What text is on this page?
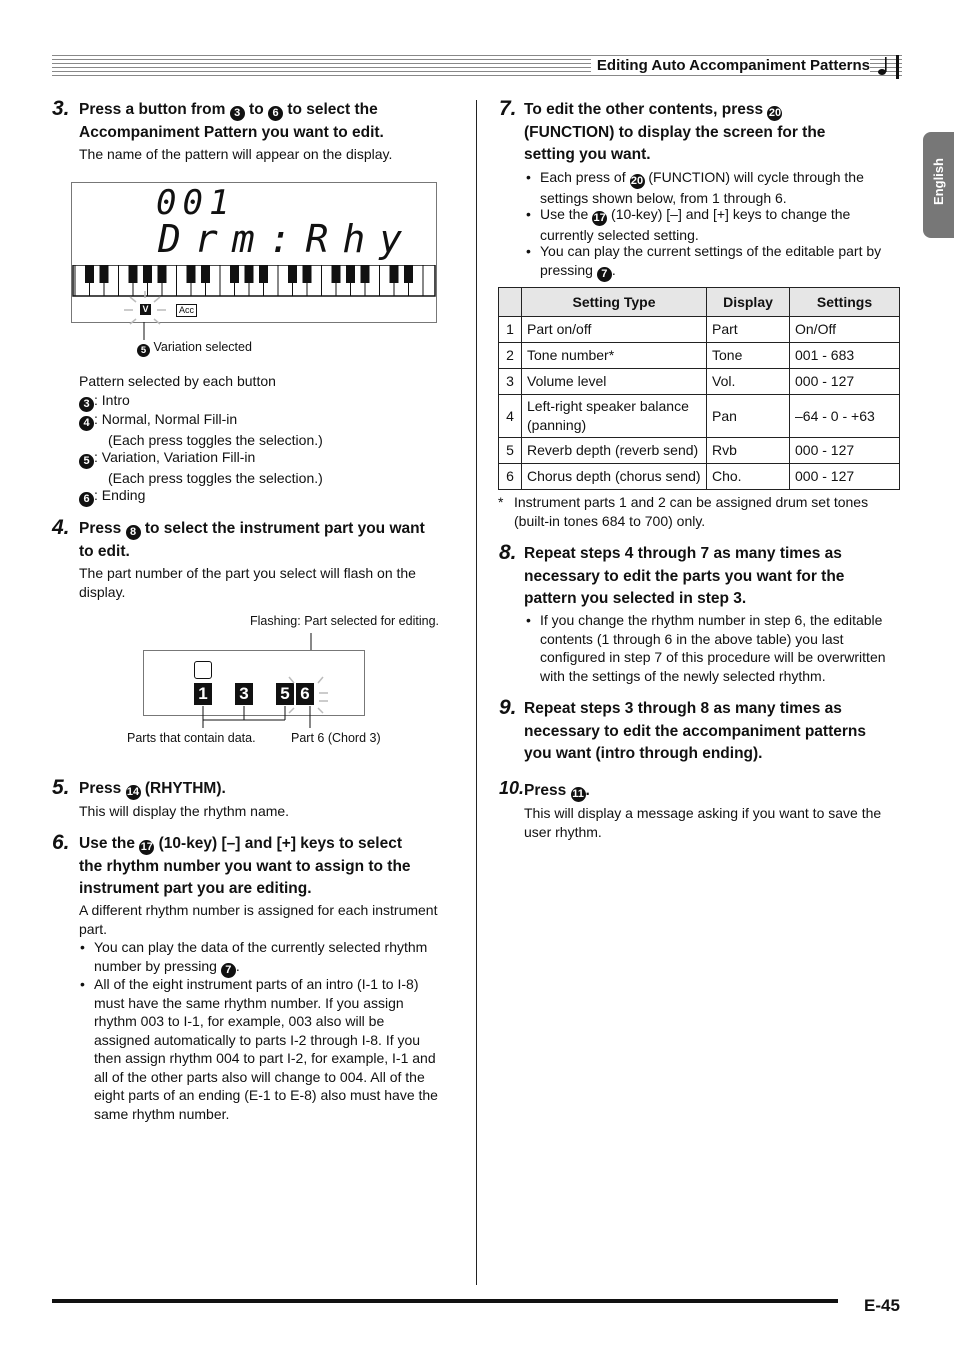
Editing Auto Accompaniment Patterns
English
3. Press a button from 3 to 6 to select the
Accompaniment Pattern you want to edit.
The name of the pattern will appear on the display.
001
Drm:Rhy
V	Acc
5 Variation selected
Pattern selected by each button
3 : Intro
4 : Normal, Normal Fill-in
(Each press toggles the selection.)
5 : Variation, Variation Fill-in
(Each press toggles the selection.)
6 : Ending
4. Press 8 to select the instrument part you want
to edit.
The part number of the part you select will flash on the
display.
Flashing: Part selected for editing.
1 3 5 6
Parts that contain data.	Part 6 (Chord 3)
5. Press 14 (RHYTHM).
This will display the rhythm name.
6. Use the 17 (10-key) [–] and [+] keys to select
the rhythm number you want to assign to the
instrument part you are editing.
A different rhythm number is assigned for each instrument
part.
• You can play the data of the currently selected rhythm
number by pressing 7 .
• All of the eight instrument parts of an intro (I-1 to I-8)
must have the same rhythm number. If you assign
rhythm 003 to I-1, for example, 003 also will be
assigned automatically to parts I-2 through I-8. If you
then assign rhythm 004 to part I-2, for example, I-1 and
all of the other parts also will change to 004. All of the
eight parts of an ending (E-1 to E-8) also must have the
same rhythm number.
7. To edit the other contents, press 20
(FUNCTION) to display the screen for the
setting you want.
• Each press of 20 (FUNCTION) will cycle through the
settings shown below, from 1 through 6.
• Use the 17 (10-key) [–] and [+] keys to change the
currently selected setting.
• You can play the current settings of the editable part by
pressing 7 .
	Setting Type	Display	Settings
1	Part on/off	Part	On/Off
2	Tone number*	Tone	001 - 683
3	Volume level	Vol.	000 - 127
4	Left-right speaker balance (panning)	Pan	–64 - 0 - +63
5	Reverb depth (reverb send)	Rvb	000 - 127
6	Chorus depth (chorus send)	Cho.	000 - 127
* Instrument parts 1 and 2 can be assigned drum set tones
(built-in tones 684 to 700) only.
8. Repeat steps 4 through 7 as many times as
necessary to edit the parts you want for the
pattern you selected in step 3.
• If you change the rhythm number in step 6, the editable
contents (1 through 6 in the above table) you last
configured in step 7 of this procedure will be overwritten
with the settings of the newly selected rhythm.
9. Repeat steps 3 through 8 as many times as
necessary to edit the accompaniment patterns
you want (intro through ending).
10. Press 11 .
This will display a message asking if you want to save the
user rhythm.
E-45
